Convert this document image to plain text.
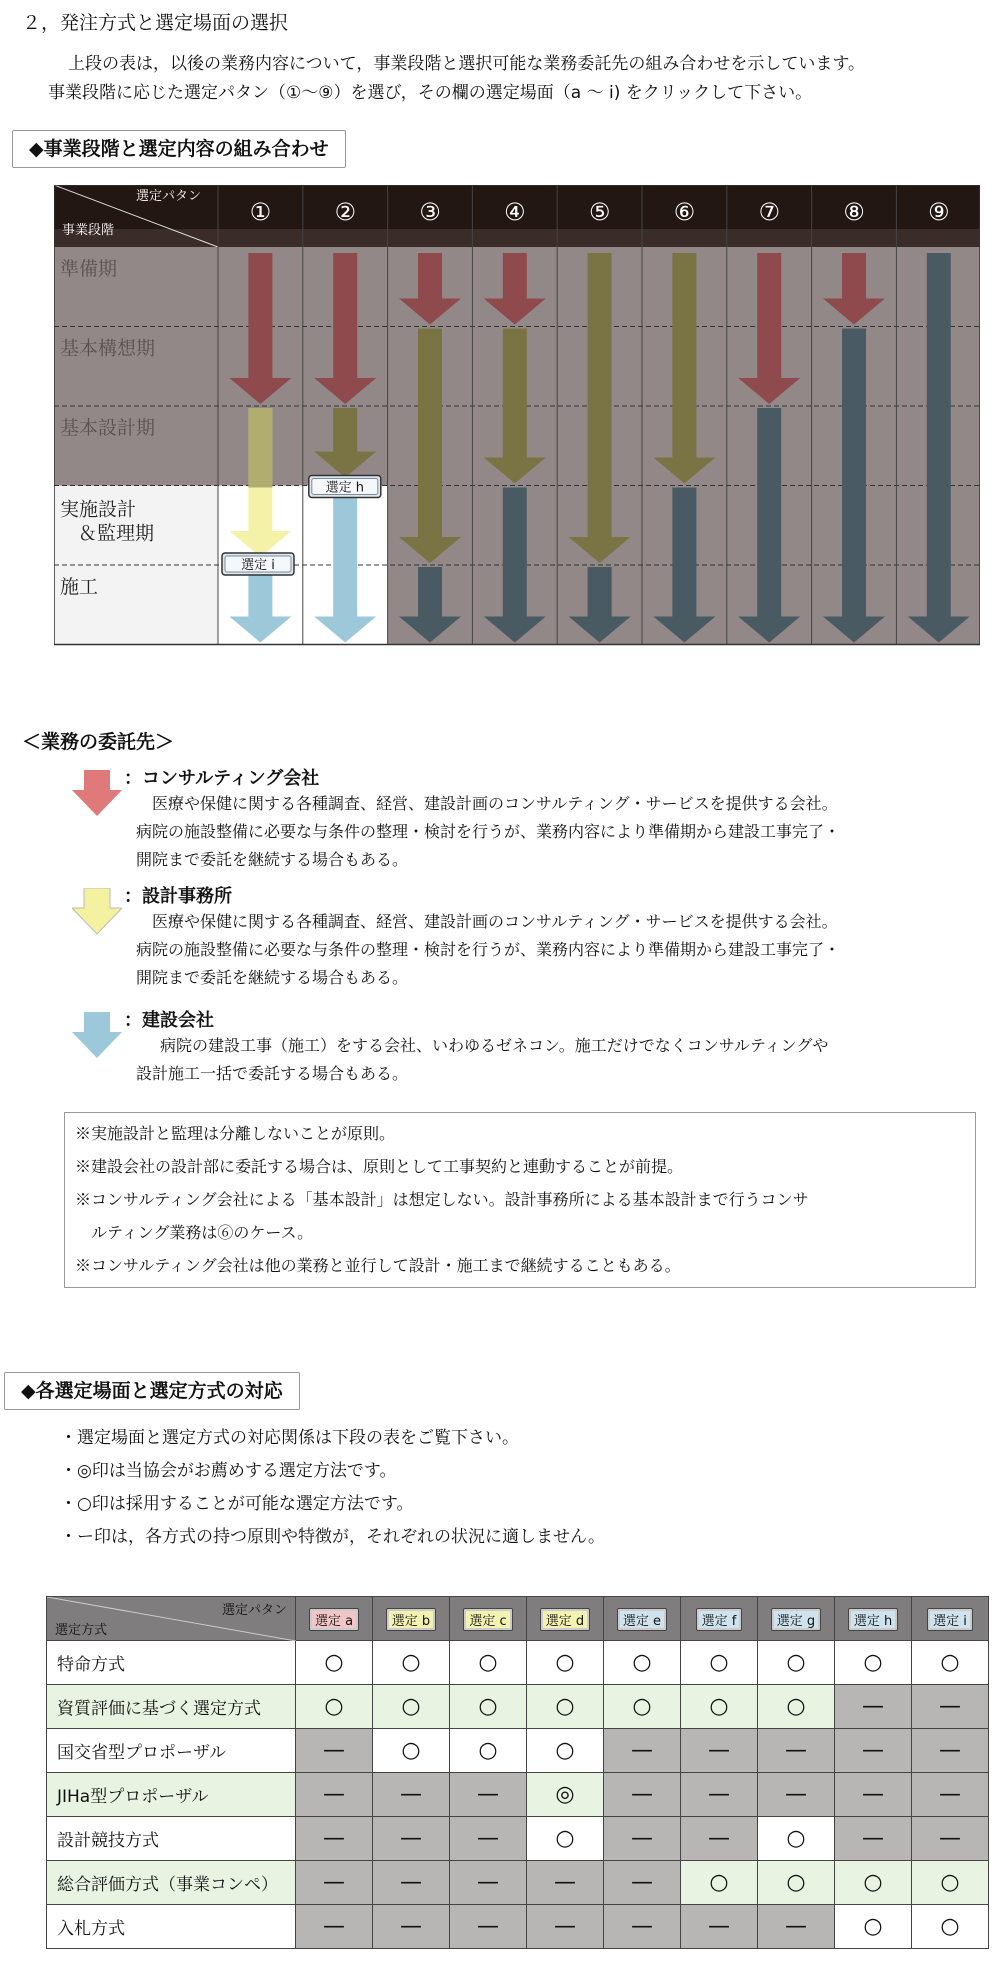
２，発注方式と選定場面の選択
上段の表は，以後の業務内容について，事業段階と選択可能な業務委託先の組み合わせを示しています。
事業段階に応じた選定パタン（①〜⑨）を選び，その欄の選定場面（a 〜 i) をクリックして下さい。
◆事業段階と選定内容の組み合わせ
選定パタン
事業段階
①	②	③	④	⑤	⑥	⑦	⑧	⑨
準備期
基本構想期
基本設計期
実施設計
＆監理期
施工
選定 h
選定 i
＜業務の委託先＞
：コンサルティング会社
医療や保健に関する各種調査、経営、建設計画のコンサルティング・サービスを提供する会社。
病院の施設整備に必要な与条件の整理・検討を行うが、業務内容により準備期から建設工事完了・
開院まで委託を継続する場合もある。
：設計事務所
医療や保健に関する各種調査、経営、建設計画のコンサルティング・サービスを提供する会社。
病院の施設整備に必要な与条件の整理・検討を行うが、業務内容により準備期から建設工事完了・
開院まで委託を継続する場合もある。
：建設会社
病院の建設工事（施工）をする会社、いわゆるゼネコン。施工だけでなくコンサルティングや
設計施工一括で委託する場合もある。
※実施設計と監理は分離しないことが原則。
※建設会社の設計部に委託する場合は、原則として工事契約と連動することが前提。
※コンサルティング会社による「基本設計」は想定しない。設計事務所による基本設計まで行うコンサ
　ルティング業務は⑥のケース。
※コンサルティング会社は他の業務と並行して設計・施工まで継続することもある。
◆各選定場面と選定方式の対応
・選定場面と選定方式の対応関係は下段の表をご覧下さい。
・◎印は当協会がお薦めする選定方法です。
・○印は採用することが可能な選定方法です。
・ー印は，各方式の持つ原則や特徴が，それぞれの状況に適しません。
選定パタン
選定方式	選定 a	選定 b	選定 c	選定 d	選定 e	選定 f	選定 g	選定 h	選定 i
特命方式	○	○	○	○	○	○	○	○	○
資質評価に基づく選定方式	○	○	○	○	○	○	○	—	—
国交省型プロポーザル	—	○	○	○	—	—	—	—	—
JIHa型プロポーザル	—	—	—	◎	—	—	—	—	—
設計競技方式	—	—	—	○	—	—	○	—	—
総合評価方式（事業コンペ）	—	—	—	—	—	○	○	○	○
入札方式	—	—	—	—	—	—	—	○	○
